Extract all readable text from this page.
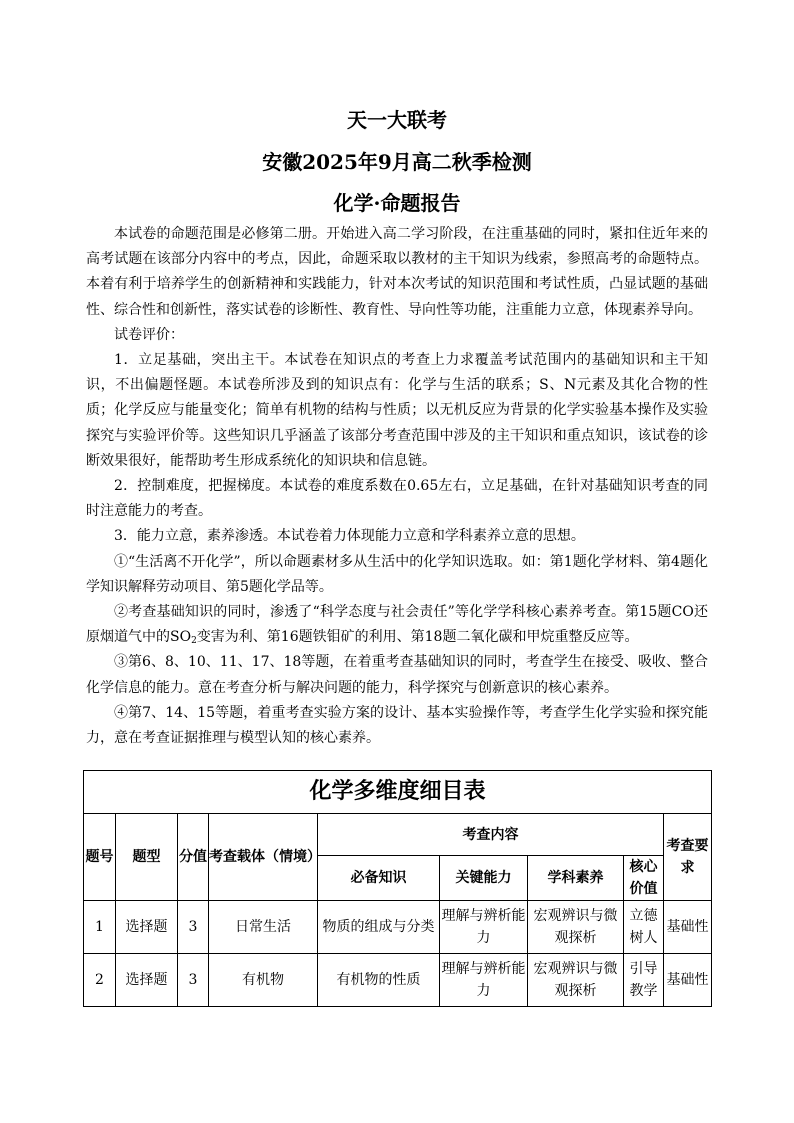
天一大联考
安徽2025年9月高二秋季检测
化学·命题报告

本试卷的命题范围是必修第二册。开始进入高二学习阶段，在注重基础的同时，紧扣住近年来的高考试题在该部分内容中的考点，因此，命题采取以教材的主干知识为线索，参照高考的命题特点。本着有利于培养学生的创新精神和实践能力，针对本次考试的知识范围和考试性质，凸显试题的基础性、综合性和创新性，落实试卷的诊断性、教育性、导向性等功能，注重能力立意，体现素养导向。

试卷评价：

1．立足基础，突出主干。本试卷在知识点的考查上力求覆盖考试范围内的基础知识和主干知识，不出偏题怪题。本试卷所涉及到的知识点有：化学与生活的联系；S、N元素及其化合物的性质；化学反应与能量变化；简单有机物的结构与性质；以无机反应为背景的化学实验基本操作及实验探究与实验评价等。这些知识几乎涵盖了该部分考查范围中涉及的主干知识和重点知识，该试卷的诊断效果很好，能帮助考生形成系统化的知识块和信息链。

2．控制难度，把握梯度。本试卷的难度系数在0.65左右，立足基础，在针对基础知识考查的同时注意能力的考查。

3．能力立意，素养渗透。本试卷着力体现能力立意和学科素养立意的思想。

①“生活离不开化学”，所以命题素材多从生活中的化学知识选取。如：第1题化学材料、第4题化学知识解释劳动项目、第5题化学品等。

②考查基础知识的同时，渗透了“科学态度与社会责任”等化学学科核心素养考查。第15题CO还原烟道气中的$SO_2$变害为利、第16题铁钼矿的利用、第18题二氧化碳和甲烷重整反应等。

③第6、8、10、11、17、18等题，在着重考查基础知识的同时，考查学生在接受、吸收、整合化学信息的能力。意在考查分析与解决问题的能力，科学探究与创新意识的核心素养。

④第7、14、15等题，着重考查实验方案的设计、基本实验操作等，考查学生化学实验和探究能力，意在考查证据推理与模型认知的核心素养。

化学多维度细目表								
题号	题型	分值	考查载体（情境）	考查内容				考查要求
				必备知识	关键能力	学科素养	核心价值	
1	选择题	3	日常生活	物质的组成与分类	理解与辨析能力	宏观辨识与微观探析	立德树人	基础性
2	选择题	3	有机物	有机物的性质	理解与辨析能力	宏观辨识与微观探析	引导教学	基础性
